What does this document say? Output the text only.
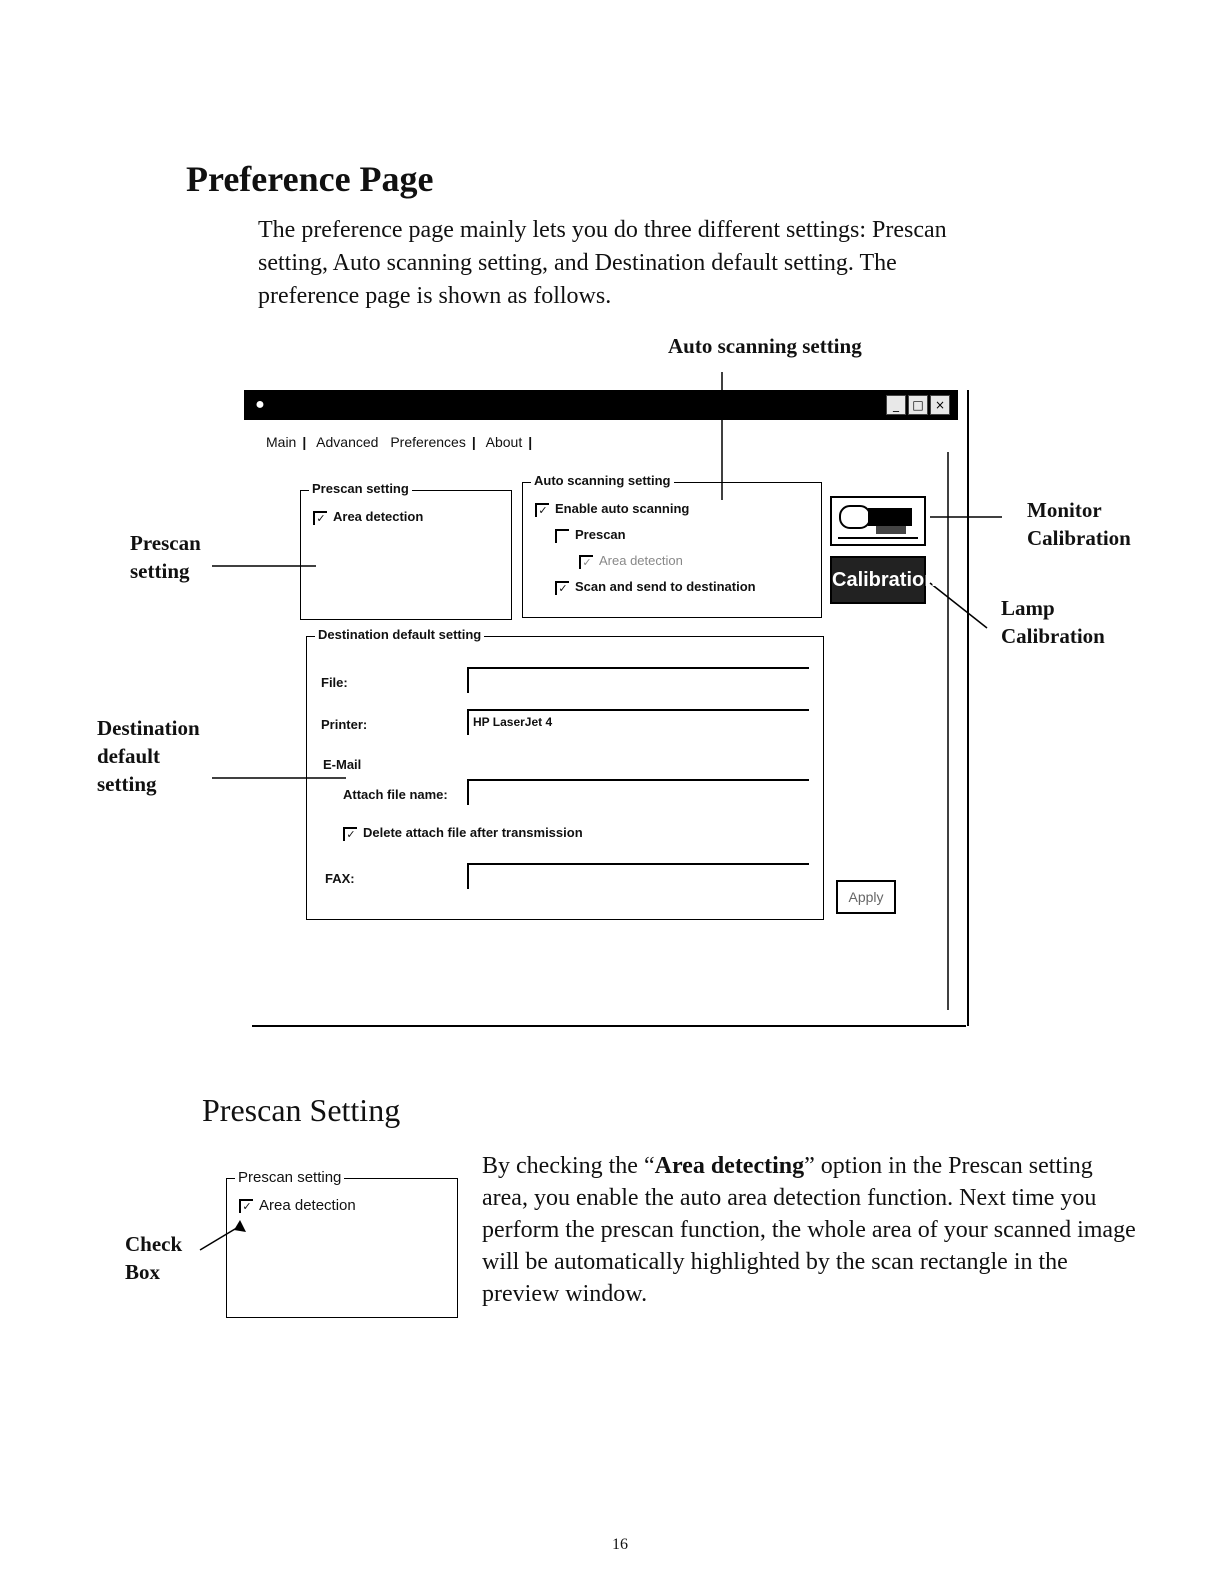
Preference Page

The preference page mainly lets you do three different settings: Prescan setting, Auto scanning setting, and Destination default setting. The preference page is shown as follows.

Auto scanning setting
Monitor
Calibration
Lamp
Calibration
Prescan
setting
Destination
default
setting
●	_	□ ×
Main | Advanced Preferences | About |
Prescan setting
✓ Area detection
Auto scanning setting
✓ Enable auto scanning
Prescan
✓ Area detection
✓ Scan and send to destination	Calibration
Destination default setting
File:
Printer:	HP LaserJet 4
E-Mail
Attach file name:
✓ Delete attach file after transmission
FAX:
Apply
Prescan Setting
Prescan setting
✓ Area detection
Check
Box

By checking the “Area detecting” option in the Prescan setting area, you enable the auto area detection function. Next time you perform the prescan function, the whole area of your scanned image will be automatically highlighted by the scan rectangle in the preview window.

16
